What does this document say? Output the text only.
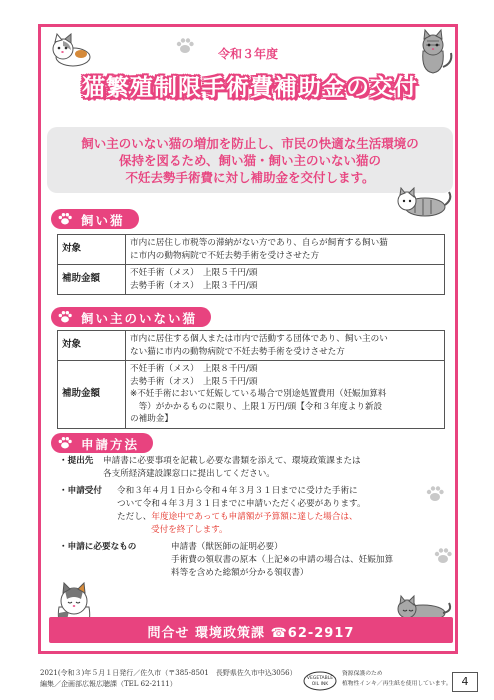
令和３年度
猫繁殖制限手術費補助金の交付

飼い主のいない猫の増加を防止し、市民の快適な生活環境の

保持を図るため、飼い猫・飼い主のいない猫の

不妊去勢手術費に対し補助金を交付します。

飼い猫
対象	市内に居住し市税等の滞納がない方であり、自らが飼育する飼い猫
に市内の動物病院で不妊去勢手術を受けさせた方

補助金額	不妊手術（メス）　上限５千円/頭
去勢手術（オス）　上限３千円/頭
飼い主のいない猫
対象	市内に居住する個人または市内で活動する団体であり、飼い主のい
ない猫に市内の動物病院で不妊去勢手術を受けさせた方

補助金額	不妊手術（メス）　上限８千円/頭
去勢手術（オス）　上限５千円/頭
※不妊手術において妊娠している場合で別途処置費用（妊娠加算料
　等）がかかるものに限り、上限１万円/頭【令和３年度より新設
の補助金】
申請方法
・提出先 申請書に必要事項を記載し必要な書類を添えて、環境政策課または
各支所経済建設課窓口に提出してください。
・申請受付 令和３年４月１日から令和４年３月３１日までに受けた手術に
ついて令和４年３月３１日までに申請いただく必要があります。
ただし、年度途中であっても申請額が予算額に達した場合は、
受付を終了します。
・申請に必要なもの	申請書（獣医師の証明必要）
手術費の領収書の原本（上記※の申請の場合は、妊娠加算
料等を含めた総額が分かる領収書）
問合せ 環境政策課 ☎62-2917
2021(令和３)年５月１日発行／佐久市（〒385-8501　長野県佐久市中込3056）
編集／企画部広報広聴課（TEL 62-2111）
VEGETABLE
OIL INK
資源保護のため
植物性インキ／再生紙を使用しています。 4
